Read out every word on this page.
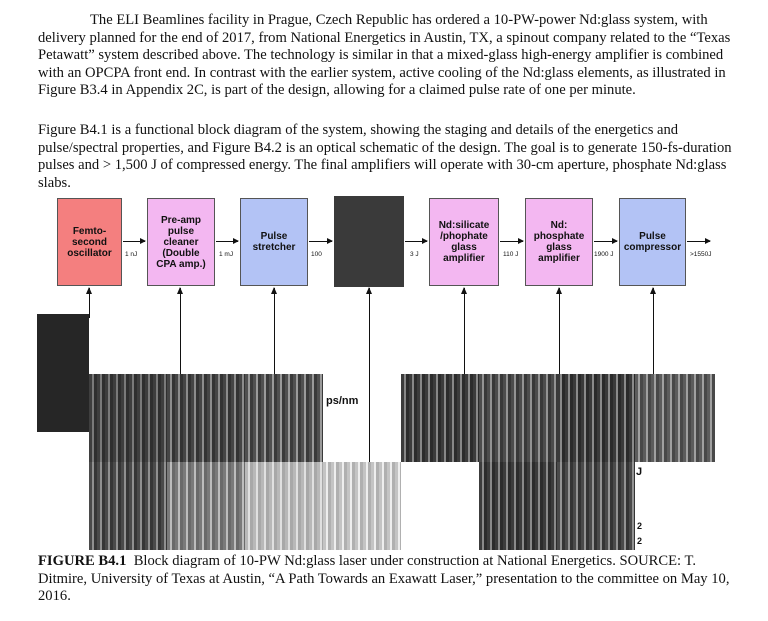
The ELI Beamlines facility in Prague, Czech Republic has ordered a 10-PW-power Nd:glass system, with delivery planned for the end of 2017, from National Energetics in Austin, TX, a spinout company related to the “Texas Petawatt” system described above. The technology is similar in that a mixed-glass high-energy amplifier is combined with an OPCPA front end. In contrast with the earlier system, active cooling of the Nd:glass elements, as illustrated in Figure B3.4 in Appendix 2C, is part of the design, allowing for a claimed pulse rate of one per minute.

Figure B4.1 is a functional block diagram of the system, showing the staging and details of the energetics and pulse/spectral properties, and Figure B4.2 is an optical schematic of the design. The goal is to generate 150-fs-duration pulses and > 1,500 J of compressed energy. The final amplifiers will operate with 30-cm aperture, phosphate Nd:glass slabs.

Femto-
second
oscillator
Pre-amp
pulse
cleaner
(Double
CPA amp.)
Pulse
stretcher
Nd:silicate
/phophate
glass
amplifier
Nd:
phosphate
glass
amplifier
Pulse
compressor
1 nJ	1 mJ	100	3 J	110 J	1900 J	>1550J
ps/nm
J
2
2

FIGURE B4.1 Block diagram of 10-PW Nd:glass laser under construction at National Energetics. SOURCE: T. Ditmire, University of Texas at Austin, “A Path Towards an Exawatt Laser,” presentation to the committee on May 10, 2016.
